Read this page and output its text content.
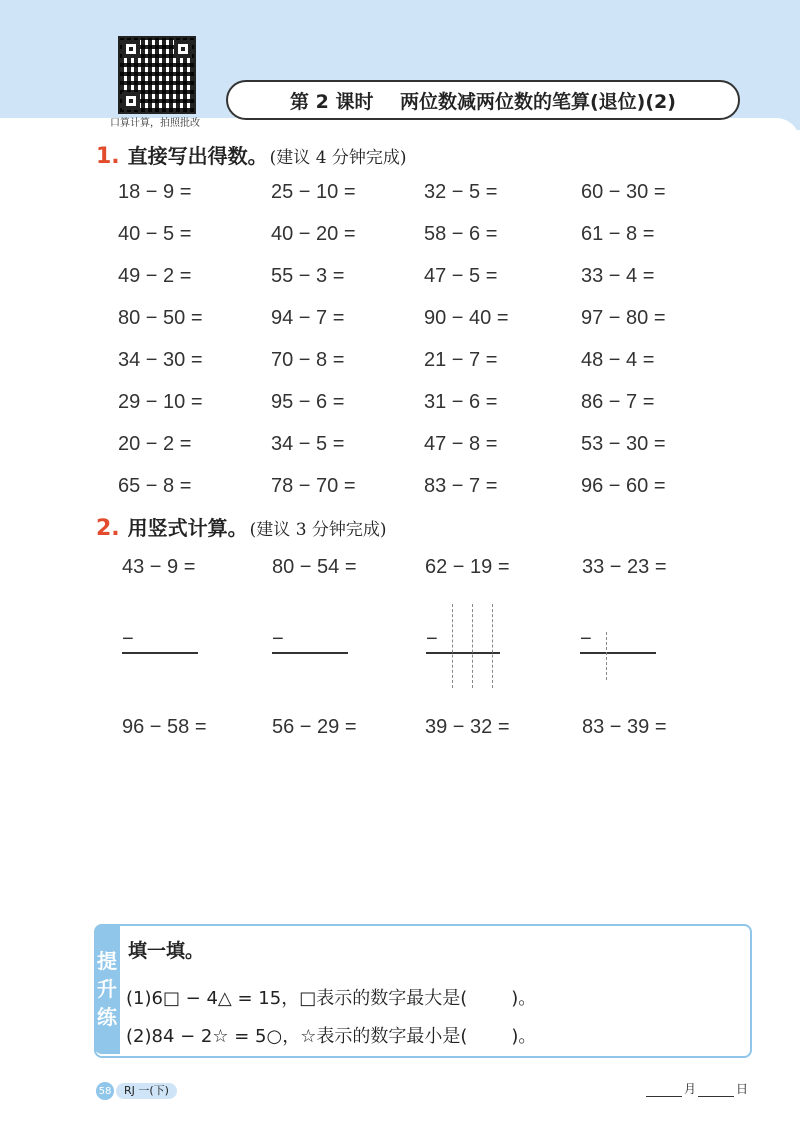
口算计算，拍照批改
第 2 课时
两位数减两位数的笔算(退位)(2)
1. 直接写出得数。 (建议 4 分钟完成)
18 − 9 =	25 − 10 =	32 − 5 =	60 − 30 =
40 − 5 =	40 − 20 =	58 − 6 =	61 − 8 =
49 − 2 =	55 − 3 =	47 − 5 =	33 − 4 =
80 − 50 =	94 − 7 =	90 − 40 =	97 − 80 =
34 − 30 =	70 − 8 =	21 − 7 =	48 − 4 =
29 − 10 =	95 − 6 =	31 − 6 =	86 − 7 =
20 − 2 =	34 − 5 =	47 − 8 =	53 − 30 =
65 − 8 =	78 − 70 =	83 − 7 =	96 − 60 =
2. 用竖式计算。 (建议 3 分钟完成)
43 − 9 =	80 − 54 =	62 − 19 =	33 − 23 =
−	−	−	−
96 − 58 =	56 − 29 =	39 − 32 =	83 − 39 =
提
升
练
填一填。
(1)6□ − 4△ = 15，□表示的数字最大是( )。
(2)84 − 2☆ = 5○，☆表示的数字最小是( )。
58	RJ 一(下)	月	日
